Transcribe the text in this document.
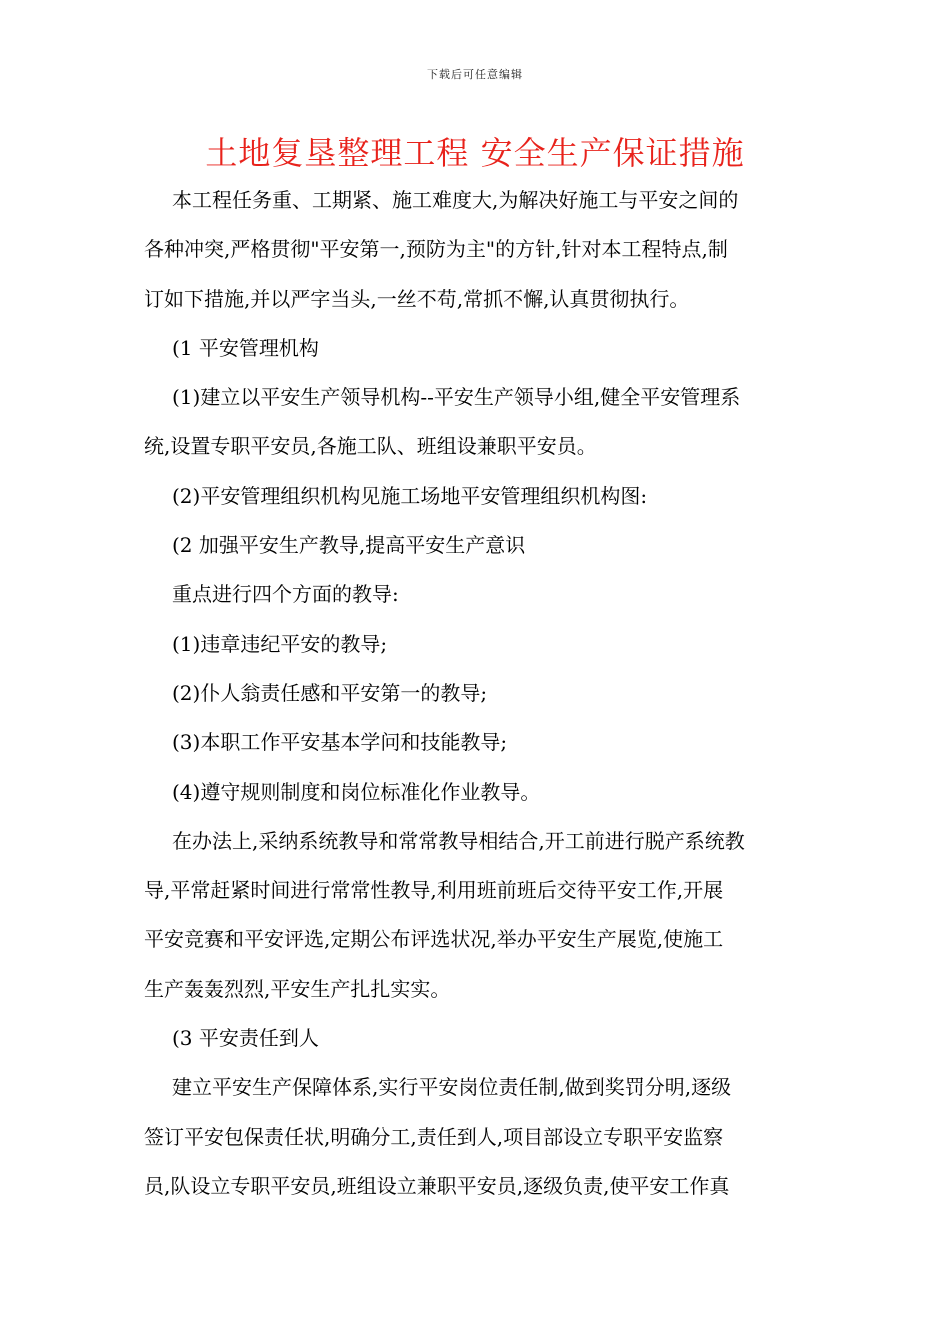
下载后可任意编辑
土地复垦整理工程 安全生产保证措施

本工程任务重、工期紧、施工难度大,为解决好施工与平安之间的

各种冲突,严格贯彻"平安第一,预防为主"的方针,针对本工程特点,制

订如下措施,并以严字当头,一丝不苟,常抓不懈,认真贯彻执行。

(1 平安管理机构

(1)建立以平安生产领导机构--平安生产领导小组,健全平安管理系

统,设置专职平安员,各施工队、班组设兼职平安员。

(2)平安管理组织机构见施工场地平安管理组织机构图:

(2 加强平安生产教导,提高平安生产意识

重点进行四个方面的教导:

(1)违章违纪平安的教导;

(2)仆人翁责任感和平安第一的教导;

(3)本职工作平安基本学问和技能教导;

(4)遵守规则制度和岗位标准化作业教导。

在办法上,采纳系统教导和常常教导相结合,开工前进行脱产系统教

导,平常赶紧时间进行常常性教导,利用班前班后交待平安工作,开展

平安竞赛和平安评选,定期公布评选状况,举办平安生产展览,使施工

生产轰轰烈烈,平安生产扎扎实实。

(3 平安责任到人

建立平安生产保障体系,实行平安岗位责任制,做到奖罚分明,逐级

签订平安包保责任状,明确分工,责任到人,项目部设立专职平安监察

员,队设立专职平安员,班组设立兼职平安员,逐级负责,使平安工作真
